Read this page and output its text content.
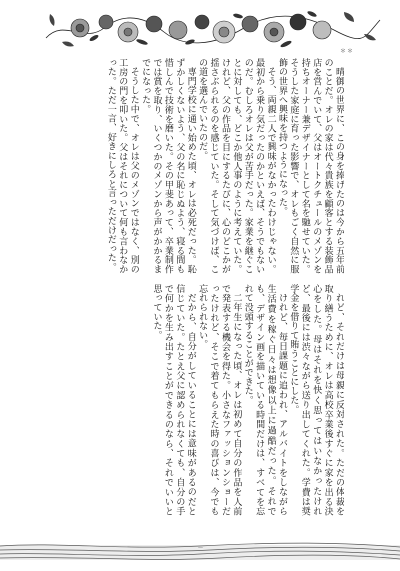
＊＊

晴御の世界に、この身を捧げたのは今から五年前のことだ。オレの家は代々貴族を顧客とする装飾品店を営んでいて、父はオートクチュールのメゾンを持ちオーナー兼デザイナーとして名を馳せていた。そうした家庭に育った影響で、オレもごく自然に服飾の世界へ興味を持つようになった。

そう、両親二人で興味がなかったわけじゃない。最初から乗り気だったのかといえば、そうでもないのだ。むしろオレは父が苦手だった。家業を継ぐことに対しても、どこか他人事のように考えていた。けれど、父の作品を目にするたびに、心のどこかが揺さぶられるのを感じていた。そして気づけば、この道を選んでいたのだ。

専門学校に通い始めた頃、オレは必死だった。恥ずかしくないよう、父の名に恥じぬよう、寝る間も惜しんで技術を磨いた。その甲斐あって、卒業制作では賞を取り、いくつかのメゾンから声がかかるまでになった。

そうした中で、オレは父のメゾンではなく、別の工房の門を叩いた。父はそれについて何も言わなかった。ただ一言、好きにしろと言っただけだった。

れど、それだけは母親に反対された。ただの体裁を取り繕うために、オレは高校卒業後すぐに家を出る決心をした。母はそれを快く思ってはいなかったけれど、最後には渋々ながら送り出してくれた。学費は奨学金を借りて賄うことにした。

けれど、毎日課題に追われ、アルバイトをしながら生活費を稼ぐ日々は想像以上に過酷だった。それでも、デザイン画を描いている時間だけは、すべてを忘れて没頭することができた。

二年生になった頃、オレは初めて自分の作品を人前で発表する機会を得た。小さなファッションショーだったけれど、そこで着てもらえた時の喜びは、今でも忘れられない。

だから、自分がしていることには意味があるのだと信じていた。たとえ父に認められなくても、自分の手で何かを生み出すことができるのなら、それでいいと思っていた。

—
